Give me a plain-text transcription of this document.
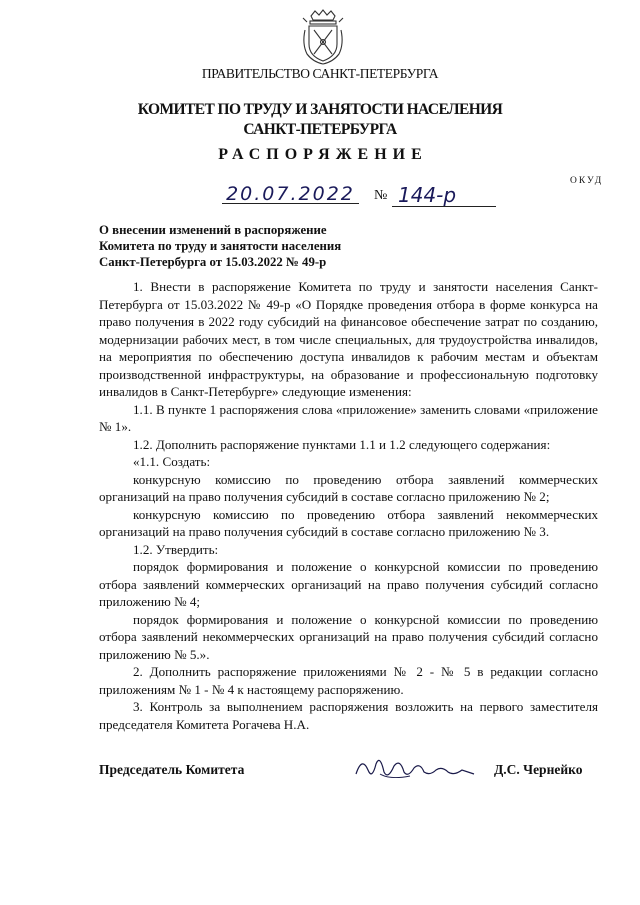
ПРАВИТЕЛЬСТВО САНКТ-ПЕТЕРБУРГА
КОМИТЕТ ПО ТРУДУ И ЗАНЯТОСТИ НАСЕЛЕНИЯ
САНКТ-ПЕТЕРБУРГА
РАСПОРЯЖЕНИЕ
ОКУД
20.07.2022 № 144-р
О внесении изменений в распоряжение
Комитета по труду и занятости населения
Санкт-Петербурга от 15.03.2022 № 49-р

1. Внести в распоряжение Комитета по труду и занятости населения Санкт-Петербурга от 15.03.2022 № 49-р «О Порядке проведения отбора в форме конкурса на право получения в 2022 году субсидий на финансовое обеспечение затрат по созданию, модернизации рабочих мест, в том числе специальных, для трудоустройства инвалидов, на мероприятия по обеспечению доступа инвалидов к рабочим местам и объектам производственной инфраструктуры, на образование и профессиональную подготовку инвалидов в Санкт-Петербурге» следующие изменения:

1.1. В пункте 1 распоряжения слова «приложение» заменить словами «приложение № 1».

1.2. Дополнить распоряжение пунктами 1.1 и 1.2 следующего содержания:

«1.1. Создать:

конкурсную комиссию по проведению отбора заявлений коммерческих организаций на право получения субсидий в составе согласно приложению № 2;

конкурсную комиссию по проведению отбора заявлений некоммерческих организаций на право получения субсидий в составе согласно приложению № 3.

1.2. Утвердить:

порядок формирования и положение о конкурсной комиссии по проведению отбора заявлений коммерческих организаций на право получения субсидий согласно приложению № 4;

порядок формирования и положение о конкурсной комиссии по проведению отбора заявлений некоммерческих организаций на право получения субсидий согласно приложению № 5.».

2. Дополнить распоряжение приложениями № 2 - № 5 в редакции согласно приложениям № 1 - № 4 к настоящему распоряжению.

3. Контроль за выполнением распоряжения возложить на первого заместителя председателя Комитета Рогачева Н.А.

Председатель Комитета	Д.С. Чернейко
